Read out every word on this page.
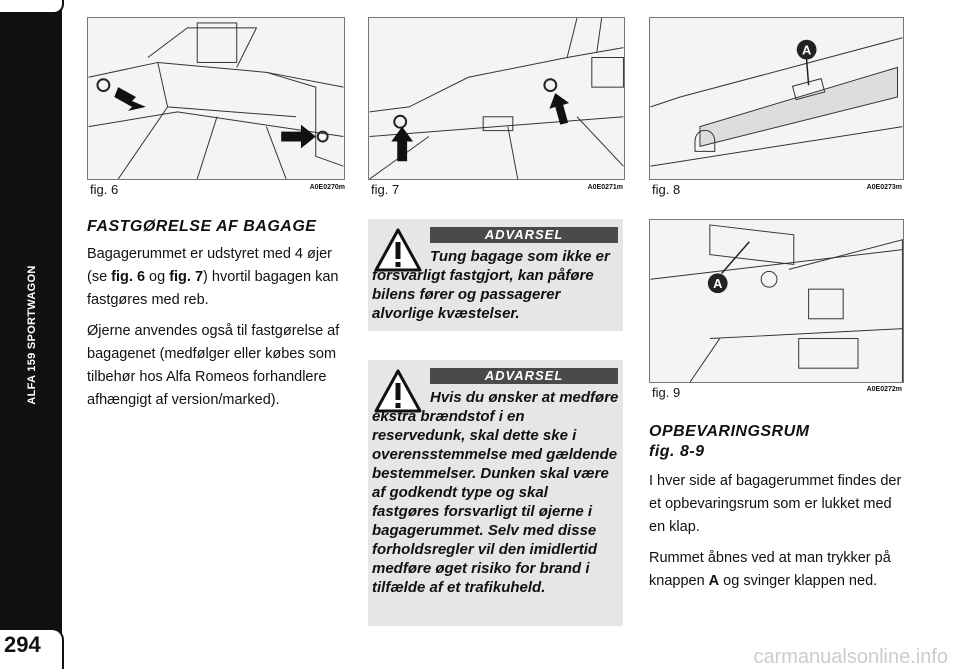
ALFA 159 SPORTWAGON
294
fig. 6	A0E0270m fig. 7	A0E0271m
A
fig. 8	A0E0273m
A
fig. 9	A0E0272m
FASTGØRELSE AF BAGAGE

Bagagerummet er udstyret med 4 øjer (se fig. 6 og fig. 7) hvortil bagagen kan fastgøres med reb.

Øjerne anvendes også til fastgørelse af bagagenet (medfølger eller købes som tilbehør hos Alfa Romeos forhandlere afhængigt af version/marked).

ADVARSEL
Tung bagage som ikke er forsvarligt fastgjort, kan påføre bilens fører og passagerer alvorlige kvæstelser.
ADVARSEL
Hvis du ønsker at medføre ekstra brændstof i en reservedunk, skal dette ske i overensstemmelse med gældende bestemmelser. Dunken skal være af godkendt type og skal fastgøres forsvarligt til øjerne i bagagerummet. Selv med disse forholdsregler vil den imidlertid medføre øget risiko for brand i tilfælde af et trafikuheld.
OPBEVARINGSRUM
fig. 8-9

I hver side af bagagerummet findes der et opbevaringsrum som er lukket med en klap.

Rummet åbnes ved at man trykker på knappen A og svinger klappen ned.

carmanualsonline.info
